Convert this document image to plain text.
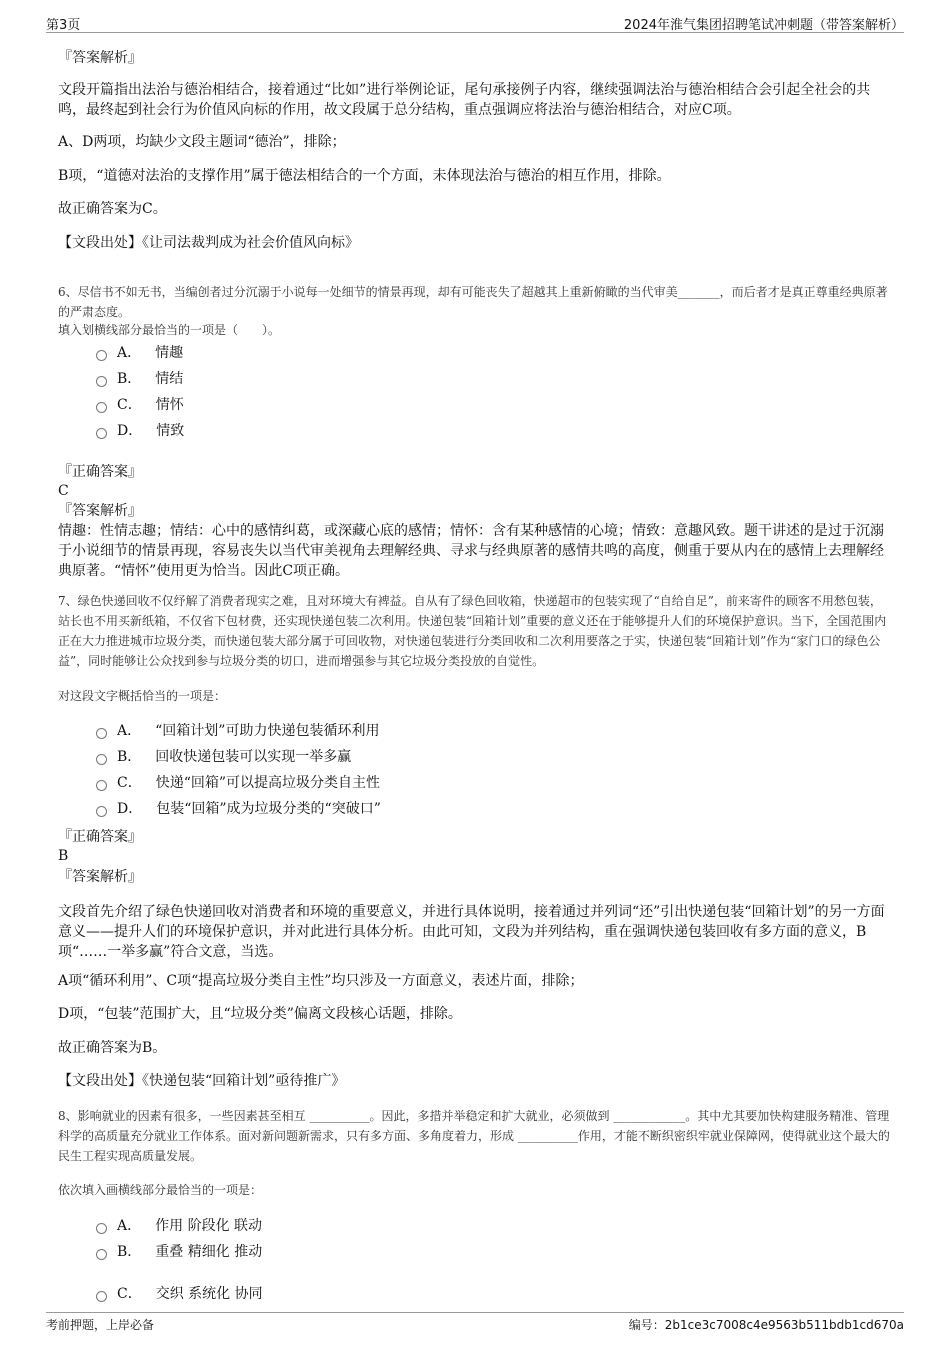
第3页	2024年淮气集团招聘笔试冲刺题（带答案解析）
『答案解析』
文段开篇指出法治与德治相结合，接着通过“比如”进行举例论证，尾句承接例子内容，继续强调法治与德治相结合会引起全社会的共鸣，最终起到社会行为价值风向标的作用，故文段属于总分结构，重点强调应将法治与德治相结合，对应C项。
A、D两项，均缺少文段主题词“德治”，排除；
B项，“道德对法治的支撑作用”属于德法相结合的一个方面，未体现法治与德治的相互作用，排除。
故正确答案为C。
【文段出处】《让司法裁判成为社会价值风向标》
6、尽信书不如无书，当编创者过分沉溺于小说每一处细节的情景再现，却有可能丧失了超越其上重新俯瞰的当代审美_______，而后者才是真正尊重经典原著的严肃态度。
填入划横线部分最恰当的一项是（　　）。
A． 情趣
B． 情结
C． 情怀
D． 情致
『正确答案』
C
『答案解析』
情趣：性情志趣；情结：心中的感情纠葛，或深藏心底的感情；情怀：含有某种感情的心境；情致：意趣风致。题干讲述的是过于沉溺于小说细节的情景再现，容易丧失以当代审美视角去理解经典、寻求与经典原著的感情共鸣的高度，侧重于要从内在的感情上去理解经典原著。“情怀”使用更为恰当。因此C项正确。
7、绿色快递回收不仅纾解了消费者现实之难，且对环境大有裨益。自从有了绿色回收箱，快递超市的包装实现了“自给自足”，前来寄件的顾客不用愁包装，站长也不用买新纸箱，不仅省下包材费，还实现快递包装二次利用。快递包装“回箱计划”重要的意义还在于能够提升人们的环境保护意识。当下，全国范围内正在大力推进城市垃圾分类，而快递包装大部分属于可回收物，对快递包装进行分类回收和二次利用要落之于实，快递包装“回箱计划”作为“家门口的绿色公益”，同时能够让公众找到参与垃圾分类的切口，进而增强参与其它垃圾分类投放的自觉性。
对这段文字概括恰当的一项是：
A． “回箱计划”可助力快递包装循环利用
B． 回收快递包装可以实现一举多赢
C． 快递“回箱”可以提高垃圾分类自主性
D． 包装“回箱”成为垃圾分类的“突破口”
『正确答案』
B
『答案解析』
文段首先介绍了绿色快递回收对消费者和环境的重要意义，并进行具体说明，接着通过并列词“还”引出快递包装“回箱计划”的另一方面意义——提升人们的环境保护意识，并对此进行具体分析。由此可知，文段为并列结构，重在强调快递包装回收有多方面的意义，B项“……一举多赢”符合文意，当选。
A项“循环利用”、C项“提高垃圾分类自主性”均只涉及一方面意义，表述片面，排除；
D项，“包装”范围扩大，且“垃圾分类”偏离文段核心话题，排除。
故正确答案为B。
【文段出处】《快递包装“回箱计划”亟待推广》
8、影响就业的因素有很多，一些因素甚至相互 __________。因此，多措并举稳定和扩大就业，必须做到 ____________。其中尤其要加快构建服务精准、管理科学的高质量充分就业工作体系。面对新问题新需求，只有多方面、多角度着力，形成 __________作用，才能不断织密织牢就业保障网，使得就业这个最大的民生工程实现高质量发展。
依次填入画横线部分最恰当的一项是：
A． 作用 阶段化 联动
B． 重叠 精细化 推动
C． 交织 系统化 协同
考前押题，上岸必备	编号：2b1ce3c7008c4e9563b511bdb1cd670a
